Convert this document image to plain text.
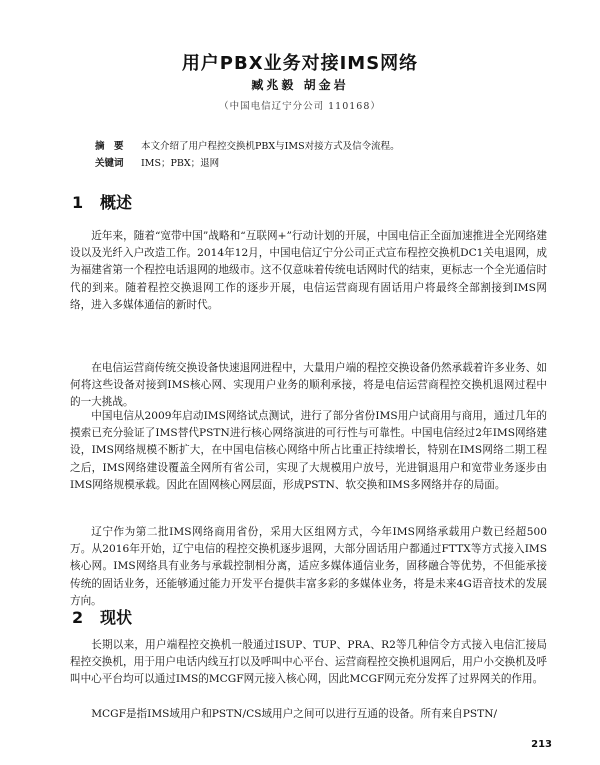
用户PBX业务对接IMS网络
臧兆毅 胡金岩
（中国电信辽宁分公司 110168）
摘　要 本文介绍了用户程控交换机PBX与IMS对接方式及信令流程。
关键词 IMS；PBX；退网
1 概述

近年来，随着“宽带中国”战略和“互联网+”行动计划的开展，中国电信正全面加速推进全光网络建设以及光纤入户改造工作。2014年12月，中国电信辽宁分公司正式宣布程控交换机DC1关电退网，成为福建省第一个程控电话退网的地级市。这不仅意味着传统电话网时代的结束，更标志一个全光通信时代的到来。随着程控交换退网工作的逐步开展，电信运营商现有固话用户将最终全部割接到IMS网络，进入多媒体通信的新时代。

在电信运营商传统交换设备快速退网进程中，大量用户端的程控交换设备仍然承载着许多业务、如何将这些设备对接到IMS核心网、实现用户业务的顺利承接，将是电信运营商程控交换机退网过程中的一大挑战。

中国电信从2009年启动IMS网络试点测试，进行了部分省份IMS用户试商用与商用，通过几年的摸索已充分验证了IMS替代PSTN进行核心网络演进的可行性与可靠性。中国电信经过2年IMS网络建设，IMS网络规模不断扩大，在中国电信核心网络中所占比重正持续增长，特别在IMS网络二期工程之后，IMS网络建设覆盖全网所有省公司，实现了大规模用户放号，光进铜退用户和宽带业务逐步由IMS网络规模承载。因此在固网核心网层面，形成PSTN、软交换和IMS多网络并存的局面。

辽宁作为第二批IMS网络商用省份，采用大区组网方式，今年IMS网络承载用户数已经超500万。从2016年开始，辽宁电信的程控交换机逐步退网，大部分固话用户都通过FTTX等方式接入IMS核心网。IMS网络具有业务与承载控制相分离，适应多媒体通信业务，固移融合等优势，不但能承接传统的固话业务，还能够通过能力开发平台提供丰富多彩的多媒体业务，将是未来4G语音技术的发展方向。

2 现状

长期以来，用户端程控交换机一般通过ISUP、TUP、PRA、R2等几种信令方式接入电信汇接局程控交换机，用于用户电话内线互打以及呼叫中心平台、运营商程控交换机退网后，用户小交换机及呼叫中心平台均可以通过IMS的MCGF网元接入核心网，因此MCGF网元充分发挥了过界网关的作用。

MCGF是指IMS域用户和PSTN/CS域用户之间可以进行互通的设备。所有来自PSTN/

213
